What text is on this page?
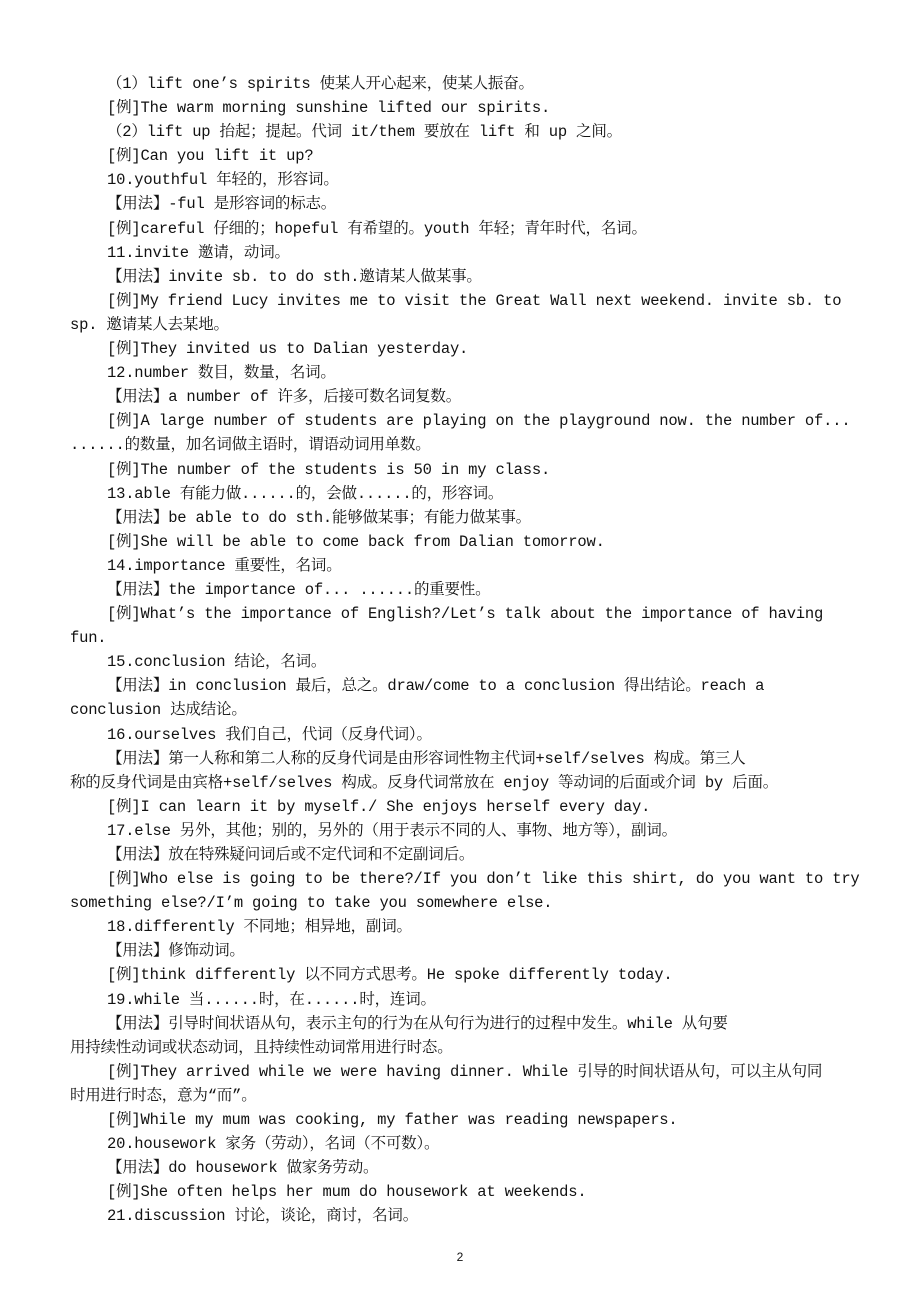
（1）lift one’s spirits 使某人开心起来，使某人振奋。
[例]The warm morning sunshine lifted our spirits.
（2）lift up 抬起；提起。代词 it/them 要放在 lift 和 up 之间。
[例]Can you lift it up?
10.youthful 年轻的，形容词。
【用法】-ful 是形容词的标志。
[例]careful 仔细的；hopeful 有希望的。youth 年轻；青年时代，名词。
11.invite 邀请，动词。
【用法】invite sb. to do sth.邀请某人做某事。
[例]My friend Lucy invites me to visit the Great Wall next weekend. invite sb. to
sp. 邀请某人去某地。
[例]They invited us to Dalian yesterday.
12.number 数目，数量，名词。
【用法】a number of 许多，后接可数名词复数。
[例]A large number of students are playing on the playground now. the number of...
......的数量，加名词做主语时，谓语动词用单数。
[例]The number of the students is 50 in my class.
13.able 有能力做......的，会做......的，形容词。
【用法】be able to do sth.能够做某事；有能力做某事。
[例]She will be able to come back from Dalian tomorrow.
14.importance 重要性，名词。
【用法】the importance of... ......的重要性。
[例]What’s the importance of English?/Let’s talk about the importance of having
fun.
15.conclusion 结论，名词。
【用法】in conclusion 最后，总之。draw/come to a conclusion 得出结论。reach a
conclusion 达成结论。
16.ourselves 我们自己，代词（反身代词）。
【用法】第一人称和第二人称的反身代词是由形容词性物主代词+self/selves 构成。第三人
称的反身代词是由宾格+self/selves 构成。反身代词常放在 enjoy 等动词的后面或介词 by 后面。
[例]I can learn it by myself./ She enjoys herself every day.
17.else 另外，其他；别的，另外的（用于表示不同的人、事物、地方等），副词。
【用法】放在特殊疑问词后或不定代词和不定副词后。
[例]Who else is going to be there?/If you don’t like this shirt, do you want to try
something else?/I’m going to take you somewhere else.
18.differently 不同地；相异地，副词。
【用法】修饰动词。
[例]think differently 以不同方式思考。He spoke differently today.
19.while 当......时，在......时，连词。
【用法】引导时间状语从句，表示主句的行为在从句行为进行的过程中发生。while 从句要
用持续性动词或状态动词，且持续性动词常用进行时态。
[例]They arrived while we were having dinner. While 引导的时间状语从句，可以主从句同
时用进行时态，意为“而”。
[例]While my mum was cooking, my father was reading newspapers.
20.housework 家务（劳动），名词（不可数）。
【用法】do housework 做家务劳动。
[例]She often helps her mum do housework at weekends.
21.discussion 讨论，谈论，商讨，名词。
2
